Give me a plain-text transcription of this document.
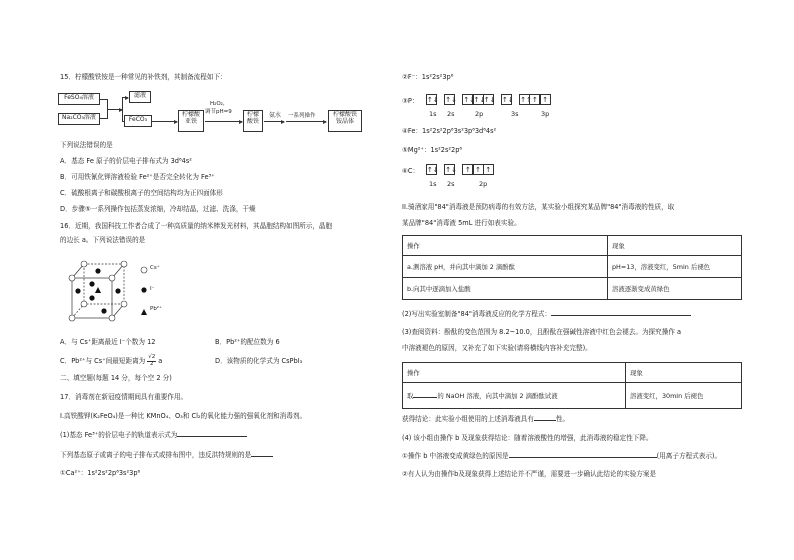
15．柠檬酸铁铵是一种常见的补铁剂，其制备流程如下：
FeSO₄溶液
Na₂CO₃溶液
滤液
FeCO₃
柠檬酸亚铁
H₂O₂，
调节pH=9	柠檬酸铁
氨水	一系列操作	柠檬酸铁铵晶体
下列说法错误的是
A．基态 Fe 原子的价层电子排布式为 3d⁶4s²
B．可用铁氰化钾溶液检验 Fe²⁺是否完全转化为 Fe³⁺
C．硫酸根离子和碳酸根离子的空间结构均为正四面体形
D．步骤⑤一系列操作包括蒸发浓缩，冷却结晶，过滤、洗涤，干燥
16．近期，我国科技工作者合成了一种高质量的纳米棒发光材料，其晶胞结构如图所示，晶胞
的边长 a。下列说法错误的是
Cs⁺
I⁻
Pb²⁺
A．与 Cs⁺距离最近 I⁻个数为 12	B．Pb²⁺的配位数为 6
C．Pb²⁺与 Cs⁺间最短距离为 $\frac{√2}{2}$ a	D．该物质的化学式为 CsPbI₃
二、填空题(每题 14 分，每个空 2 分)
17．消毒剂在新冠疫情期间具有重要作用。
I.高铁酸钾(K₂FeO₄)是一种比 KMnO₄、O₃和 Cl₂的氧化能力强的强氧化剂和消毒剂。
(1)基态 Fe³⁺的价层电子的轨道表示式为
下列基态原子或离子的电子排布式或排布图中，违反洪特规则的是
①Ca²⁺：1s²2s²2p⁶3s²3p⁶
②F⁻：1s²2s²3p⁶
③P： ↑↓ ↑↓ ↑↓
↑↓
↑↓ ↑↓ ↑↑ ↑ ↑
1s 2s	2p	3s	3p
④Fe：1s²2s²2p⁶3s²3p⁶3d⁶4s²
⑤Mg²⁺：1s²2s²2p⁶
⑥C： ↑↓ ↑↓	↑ ↑ ↑
1s 2s	2p
II.骑酒家用"84"消毒液是预防病毒的有效方法，某实验小组探究某品牌"84"消毒液的性质，取
某品牌"84"消毒液 5mL 进行如表实验。
操作	现象
a.测溶液 pH，并向其中滴加 2 滴酚酞	pH=13，溶液变红，5min 后褪色
b.向其中逐滴加入盐酸	溶液逐渐变成黄绿色
(2)写出实验室制备"84"消毒液反应的化学方程式：
(3)查阅资料：酚酞的变色范围为 8.2~10.0，且酚酞在强碱性溶液中红色会褪去。为探究操作 a
中溶液褪色的原因，又补充了如下实验(请将横线内容补充完整)。
操作	现象
取 的 NaOH 溶液，向其中滴加 2 滴酚酞试液	溶液变红，30min 后褪色
获得结论：此实验小组使用的上述消毒液具有	性。
(4) 该小组由操作 b 及现象获得结论：随着溶液酸性的增强，此消毒液的稳定性下降。
①操作 b 中溶液变成黄绿色的原因是	(用离子方程式表示)。
②有人认为由操作b及现象获得上述结论并不严谨，需要进一步确认此结论的实验方案是
